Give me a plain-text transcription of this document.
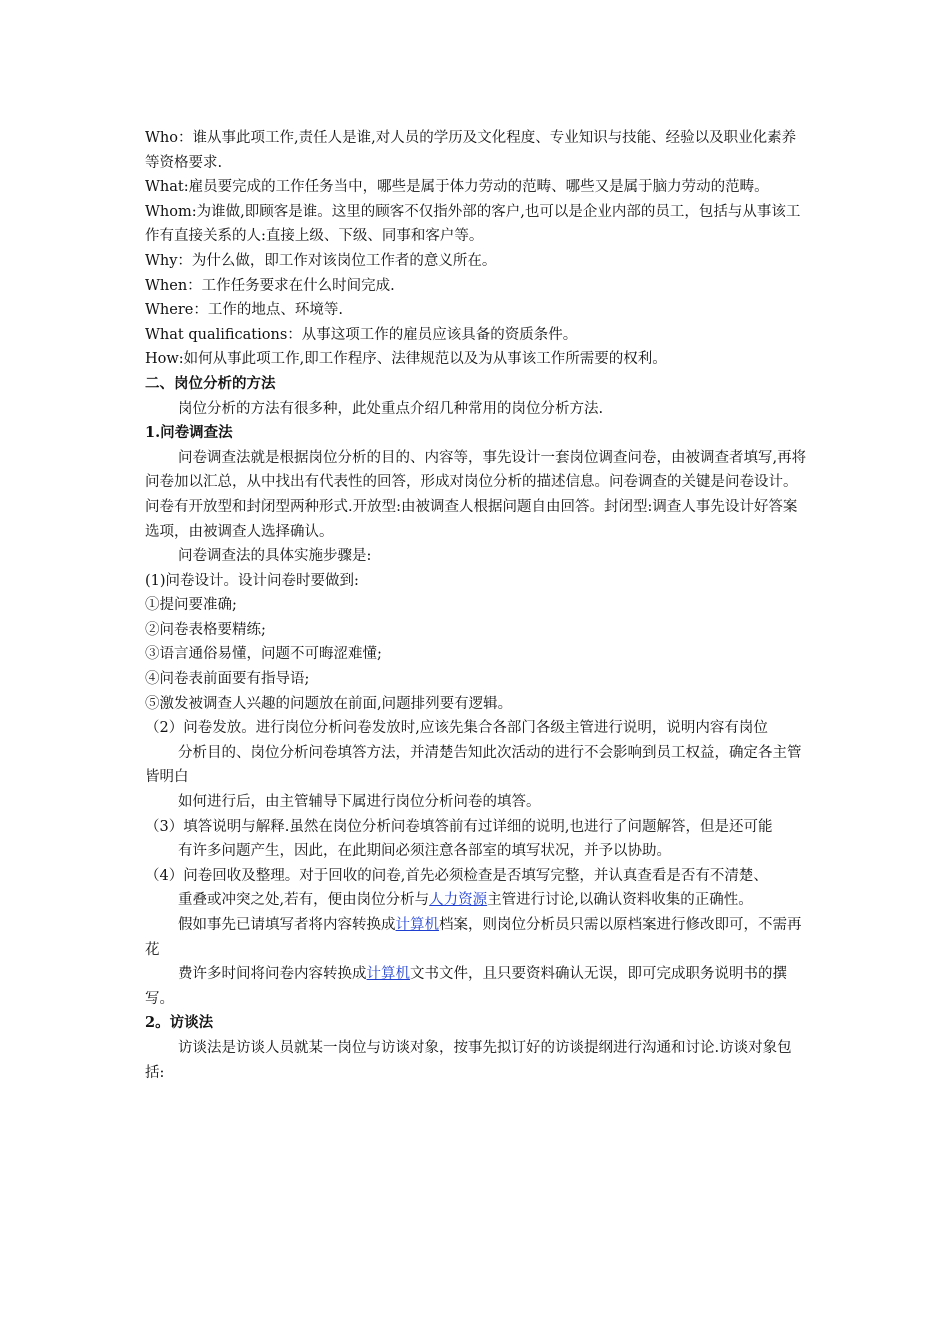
Who：谁从事此项工作,责任人是谁,对人员的学历及文化程度、专业知识与技能、经验以及职业化素养等资格要求.

What:雇员要完成的工作任务当中，哪些是属于体力劳动的范畴、哪些又是属于脑力劳动的范畴。

Whom:为谁做,即顾客是谁。这里的顾客不仅指外部的客户,也可以是企业内部的员工，包括与从事该工作有直接关系的人:直接上级、下级、同事和客户等。

Why：为什么做，即工作对该岗位工作者的意义所在。

When：工作任务要求在什么时间完成.

Where：工作的地点、环境等.

What qualifications：从事这项工作的雇员应该具备的资质条件。

How:如何从事此项工作,即工作程序、法律规范以及为从事该工作所需要的权利。

二、岗位分析的方法

岗位分析的方法有很多种，此处重点介绍几种常用的岗位分析方法.

1.问卷调查法

问卷调查法就是根据岗位分析的目的、内容等，事先设计一套岗位调查问卷，由被调查者填写,再将问卷加以汇总，从中找出有代表性的回答，形成对岗位分析的描述信息。问卷调查的关键是问卷设计。问卷有开放型和封闭型两种形式.开放型:由被调查人根据问题自由回答。封闭型:调查人事先设计好答案选项，由被调查人选择确认。

问卷调查法的具体实施步骤是:

(1)问卷设计。设计问卷时要做到:

①提问要准确;

②问卷表格要精练;

③语言通俗易懂，问题不可晦涩难懂;

④问卷表前面要有指导语;

⑤激发被调查人兴趣的问题放在前面,问题排列要有逻辑。

（2）问卷发放。进行岗位分析问卷发放时,应该先集合各部门各级主管进行说明，说明内容有岗位

分析目的、岗位分析问卷填答方法，并清楚告知此次活动的进行不会影响到员工权益，确定各主管皆明白

如何进行后，由主管辅导下属进行岗位分析问卷的填答。

（3）填答说明与解释.虽然在岗位分析问卷填答前有过详细的说明,也进行了问题解答，但是还可能

有许多问题产生，因此，在此期间必须注意各部室的填写状况，并予以协助。

（4）问卷回收及整理。对于回收的问卷,首先必须检查是否填写完整，并认真查看是否有不清楚、

重叠或冲突之处,若有，便由岗位分析与人力资源主管进行讨论,以确认资料收集的正确性。

假如事先已请填写者将内容转换成计算机档案，则岗位分析员只需以原档案进行修改即可，不需再花

费许多时间将问卷内容转换成计算机文书文件，且只要资料确认无误，即可完成职务说明书的撰写。

2。访谈法

访谈法是访谈人员就某一岗位与访谈对象，按事先拟订好的访谈提纲进行沟通和讨论.访谈对象包括:
